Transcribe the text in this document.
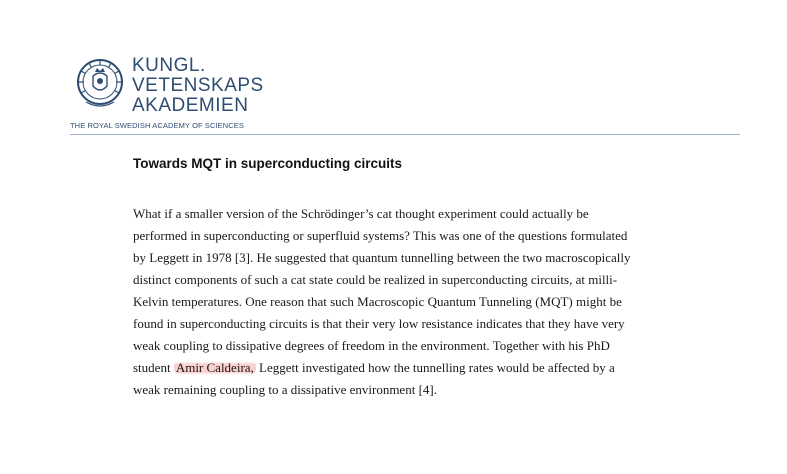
KUNGL.
VETENSKAPS
AKADEMIEN
THE ROYAL SWEDISH ACADEMY OF SCIENCES
Towards MQT in superconducting circuits
What if a smaller version of the Schrödinger’s cat thought experiment could actually be
performed in superconducting or superfluid systems? This was one of the questions formulated
by Leggett in 1978 [3]. He suggested that quantum tunnelling between the two macroscopically
distinct components of such a cat state could be realized in superconducting circuits, at milli-
Kelvin temperatures. One reason that such Macroscopic Quantum Tunneling (MQT) might be
found in superconducting circuits is that their very low resistance indicates that they have very
weak coupling to dissipative degrees of freedom in the environment. Together with his PhD
student Amir Caldeira, Leggett investigated how the tunnelling rates would be affected by a
weak remaining coupling to a dissipative environment [4].
